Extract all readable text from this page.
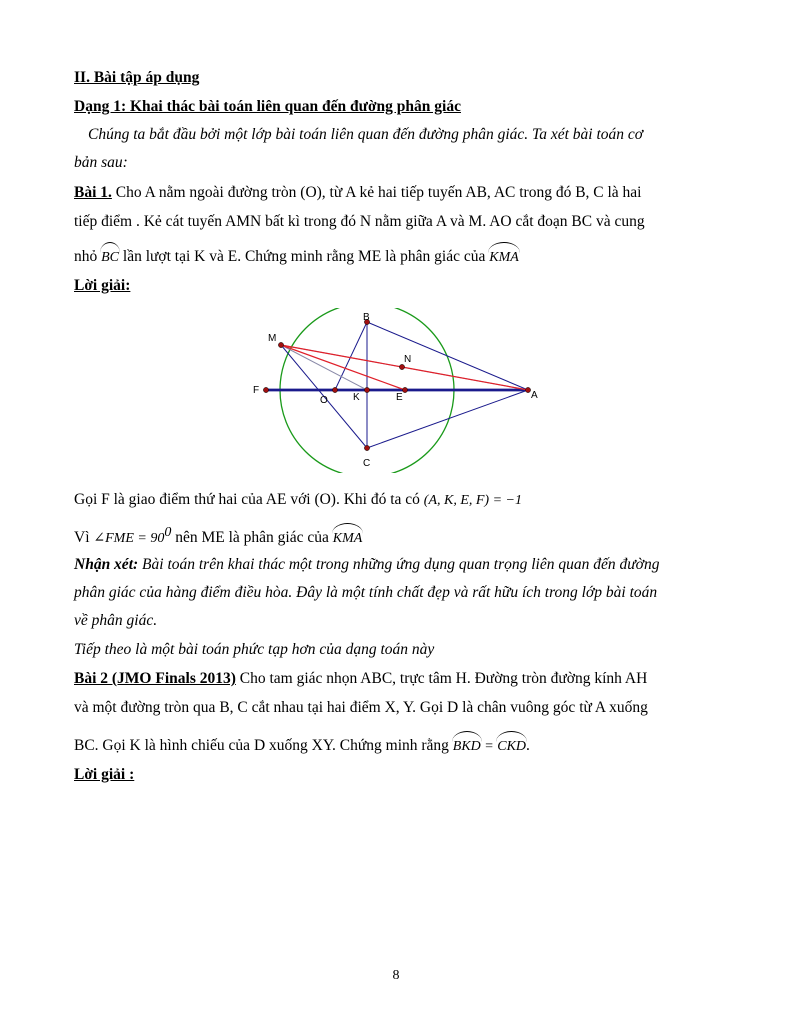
II. Bài tập áp dụng
Dạng 1: Khai thác bài toán liên quan đến đường phân giác
Chúng ta bắt đầu bởi một lớp bài toán liên quan đến đường phân giác. Ta xét bài toán cơ
bản sau:
Bài 1. Cho A nằm ngoài đường tròn (O), từ A kẻ hai tiếp tuyến AB, AC trong đó B, C là hai
tiếp điểm . Kẻ cát tuyến AMN bất kì trong đó N nằm giữa A và M. AO cắt đoạn BC và cung
nhỏ BC lần lượt tại K và E. Chứng minh rằng ME là phân giác của KMA
Lời giải:
B
M
N
F
O	K	E	A
C
Gọi F là giao điểm thứ hai của AE với (O). Khi đó ta có (A, K, E, F) = −1
Vì ∠FME = $90^0$ nên ME là phân giác của KMA
Nhận xét: Bài toán trên khai thác một trong những ứng dụng quan trọng liên quan đến đường
phân giác của hàng điểm điều hòa. Đây là một tính chất đẹp và rất hữu ích trong lớp bài toán
về phân giác.
Tiếp theo là một bài toán phức tạp hơn của dạng toán này
Bài 2 (JMO Finals 2013) Cho tam giác nhọn ABC, trực tâm H. Đường tròn đường kính AH
và một đường tròn qua B, C cắt nhau tại hai điểm X, Y. Gọi D là chân vuông góc từ A xuống
BC. Gọi K là hình chiếu của D xuống XY. Chứng minh rằng BKD = CKD.
Lời giải :
8
